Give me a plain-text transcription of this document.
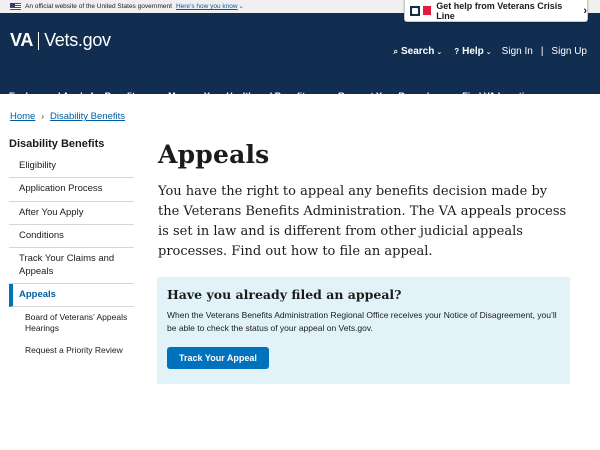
An official website of the United States government Here’s how you know ⌄	Get help from Veterans Crisis Line	›
VA Vets.gov
⌕ Search ⌄ ? Help ⌄ Sign In | Sign Up
Explore and Apply for Benefits ⌄ Manage Your Health and Benefits ⌄ Request Your Records ⌄ Find VA Locations
Home › Disability Benefits
Disability Benefits
Eligibility
Application Process
After You Apply
Conditions
Track Your Claims and Appeals
Appeals
Board of Veterans’ Appeals Hearings
Request a Priority Review
Appeals

You have the right to appeal any benefits decision made by the Veterans Benefits Administration. The VA appeals process is set in law and is different from other judicial appeals processes. Find out how to file an appeal.

Have you already filed an appeal?
When the Veterans Benefits Administration Regional Office receives your Notice of Disagreement, you’ll be able to check the status of your appeal on Vets.gov.
Track Your Appeal
